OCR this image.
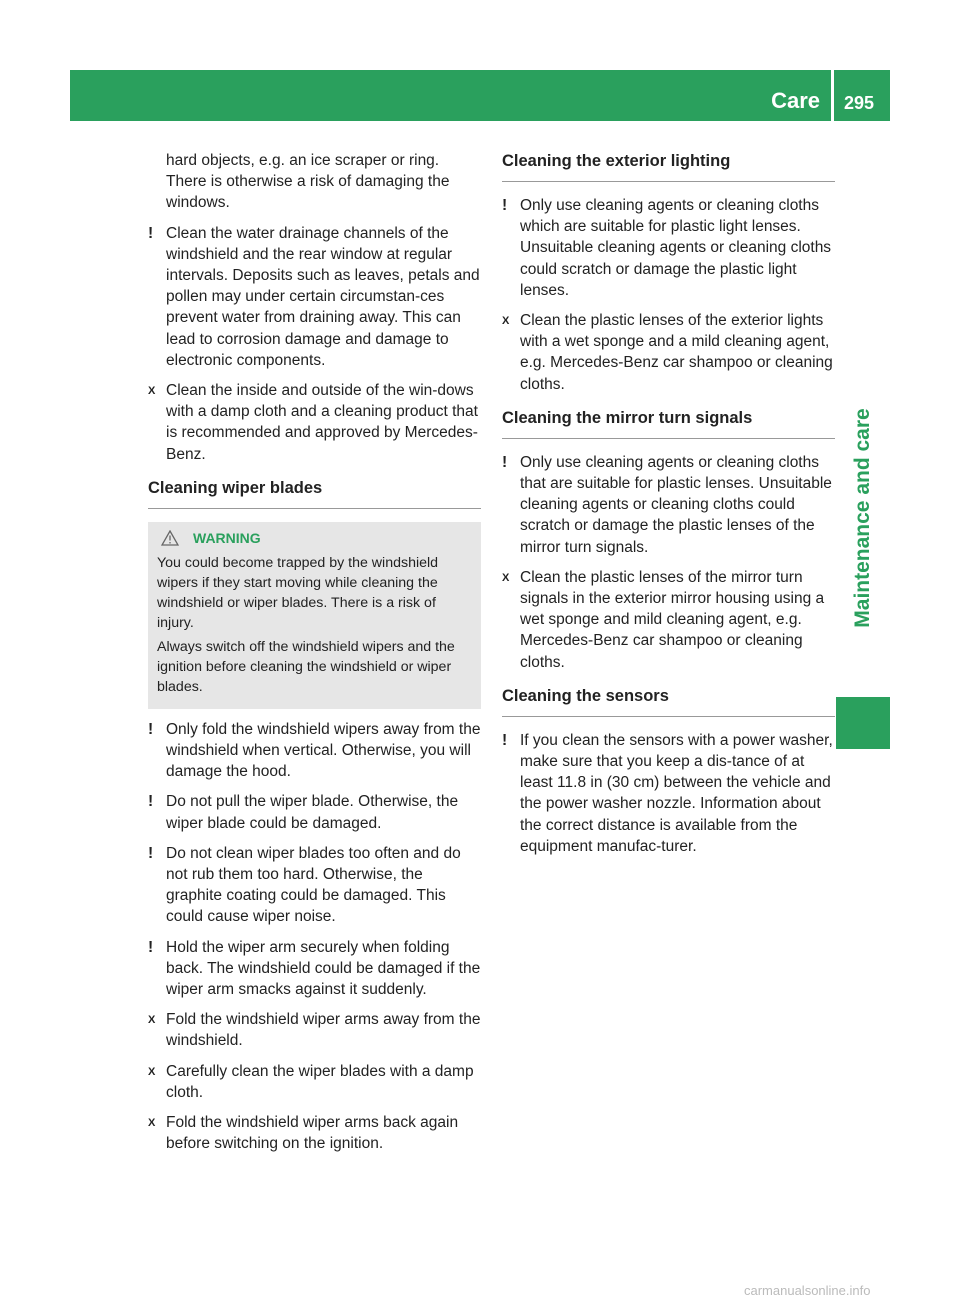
Care 295
Maintenance and care

hard objects, e.g. an ice scraper or ring. There is otherwise a risk of damaging the windows.

! Clean the water drainage channels of the windshield and the rear window at regular intervals. Deposits such as leaves, petals and pollen may under certain circumstan-ces prevent water from draining away. This can lead to corrosion damage and damage to electronic components.

X Clean the inside and outside of the win-dows with a damp cloth and a cleaning product that is recommended and approved by Mercedes-Benz.

Cleaning wiper blades
WARNING

You could become trapped by the windshield wipers if they start moving while cleaning the windshield or wiper blades. There is a risk of injury.

Always switch off the windshield wipers and the ignition before cleaning the windshield or wiper blades.

! Only fold the windshield wipers away from the windshield when vertical. Otherwise, you will damage the hood.

! Do not pull the wiper blade. Otherwise, the wiper blade could be damaged.

! Do not clean wiper blades too often and do not rub them too hard. Otherwise, the graphite coating could be damaged. This could cause wiper noise.

! Hold the wiper arm securely when folding back. The windshield could be damaged if the wiper arm smacks against it suddenly.

X Fold the windshield wiper arms away from the windshield.

X Carefully clean the wiper blades with a damp cloth.

X Fold the windshield wiper arms back again before switching on the ignition.

Cleaning the exterior lighting
! Only use cleaning agents or cleaning cloths which are suitable for plastic light lenses. Unsuitable cleaning agents or cleaning cloths could scratch or damage the plastic light lenses.

X Clean the plastic lenses of the exterior lights with a wet sponge and a mild cleaning agent, e.g. Mercedes-Benz car shampoo or cleaning cloths.

Cleaning the mirror turn signals
! Only use cleaning agents or cleaning cloths that are suitable for plastic lenses. Unsuitable cleaning agents or cleaning cloths could scratch or damage the plastic lenses of the mirror turn signals.

X Clean the plastic lenses of the mirror turn signals in the exterior mirror housing using a wet sponge and mild cleaning agent, e.g. Mercedes-Benz car shampoo or cleaning cloths.

Cleaning the sensors
! If you clean the sensors with a power washer, make sure that you keep a dis-tance of at least 11.8 in (30 cm) between the vehicle and the power washer nozzle. Information about the correct distance is available from the equipment manufac-turer.

carmanualsonline.info
